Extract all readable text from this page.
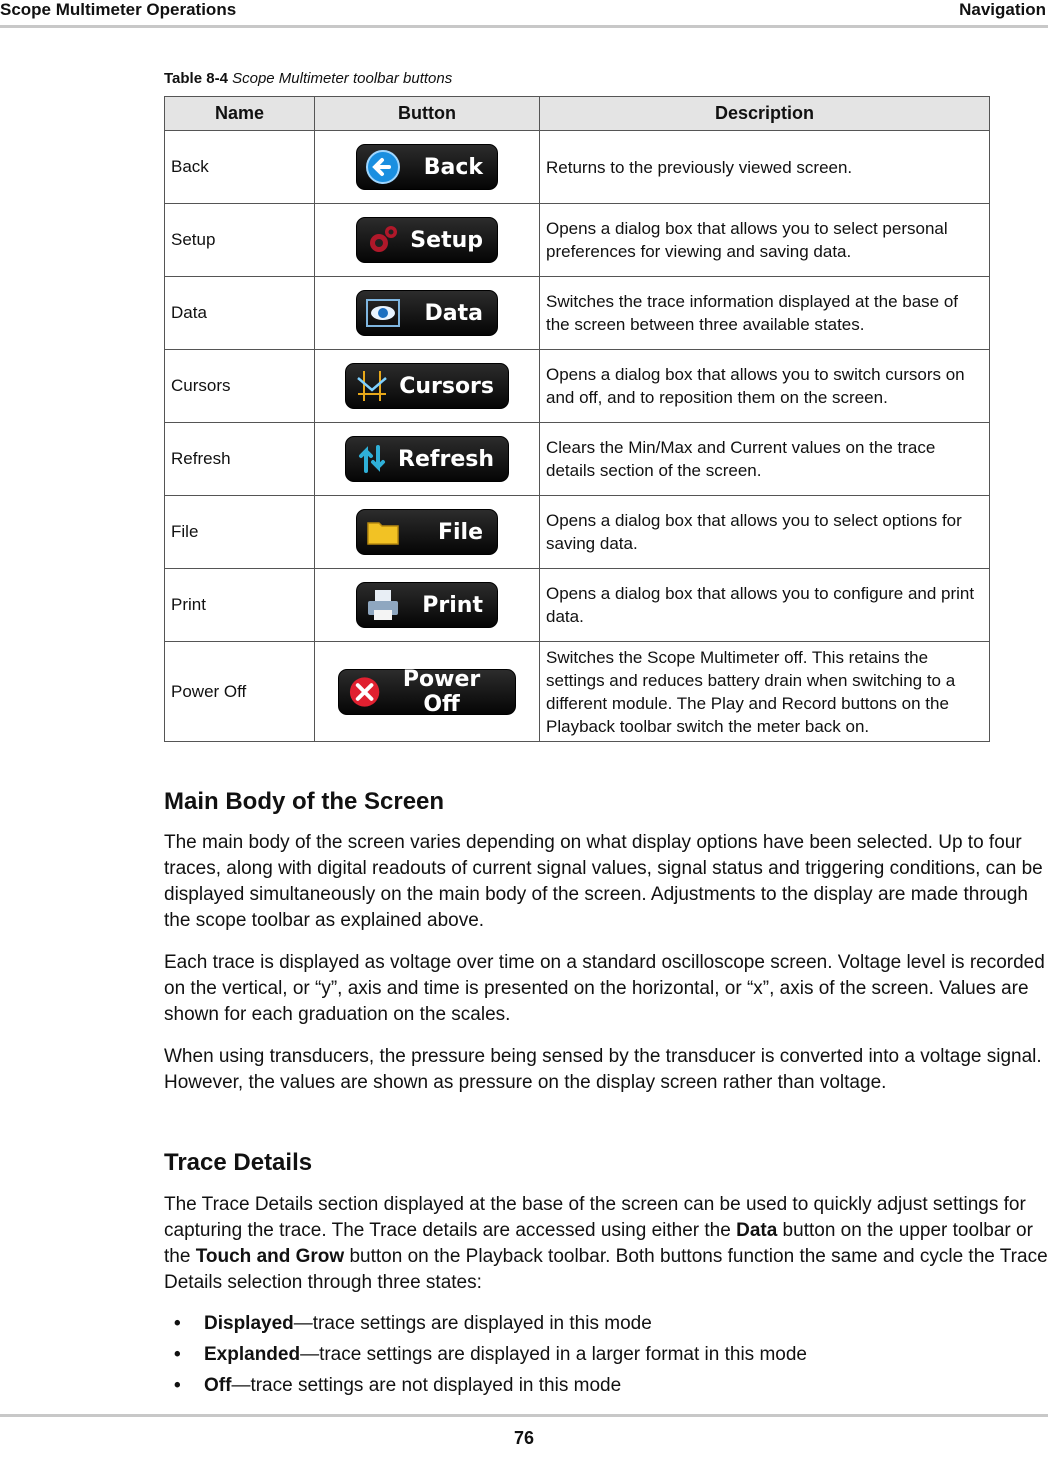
Scope Multimeter Operations	Navigation
Table 8-4 Scope Multimeter toolbar buttons
Name	Button	Description
Back	Back	Returns to the previously viewed screen.
Setup	Setup	Opens a dialog box that allows you to select personal preferences for viewing and saving data.
Data	Data	Switches the trace information displayed at the base of the screen between three available states.
Cursors	Cursors	Opens a dialog box that allows you to switch cursors on and off, and to reposition them on the screen.
Refresh	Refresh	Clears the Min/Max and Current values on the trace details section of the screen.
File	File	Opens a dialog box that allows you to select options for saving data.
Print	Print	Opens a dialog box that allows you to configure and print data.
Power Off	Power Off	Switches the Scope Multimeter off. This retains the settings and reduces battery drain when switching to a different module. The Play and Record buttons on the Playback toolbar switch the meter back on.
Main Body of the Screen

The main body of the screen varies depending on what display options have been selected. Up to four traces, along with digital readouts of current signal values, signal status and triggering conditions, can be displayed simultaneously on the main body of the screen. Adjustments to the display are made through the scope toolbar as explained above.

Each trace is displayed as voltage over time on a standard oscilloscope screen. Voltage level is recorded on the vertical, or “y”, axis and time is presented on the horizontal, or “x”, axis of the screen. Values are shown for each graduation on the scales.

When using transducers, the pressure being sensed by the transducer is converted into a voltage signal. However, the values are shown as pressure on the display screen rather than voltage.

Trace Details

The Trace Details section displayed at the base of the screen can be used to quickly adjust settings for capturing the trace. The Trace details are accessed using either the Data button on the upper toolbar or the Touch and Grow button on the Playback toolbar. Both buttons function the same and cycle the Trace Details selection through three states:

• Displayed—trace settings are displayed in this mode
• Explanded—trace settings are displayed in a larger format in this mode
• Off—trace settings are not displayed in this mode
76
